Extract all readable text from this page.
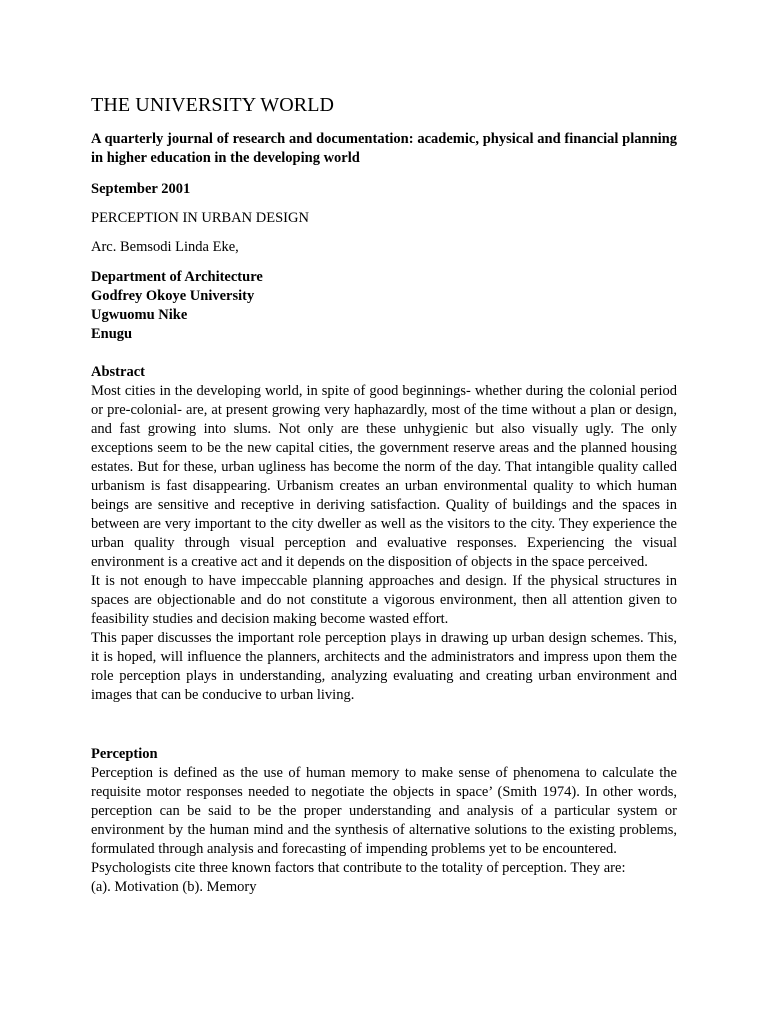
THE UNIVERSITY WORLD

A quarterly journal of research and documentation: academic, physical and financial planning in higher education in the developing world

September 2001

PERCEPTION IN URBAN DESIGN

Arc. Bemsodi Linda Eke,

Department of Architecture
Godfrey Okoye University
Ugwuomu Nike
Enugu
Abstract
Most cities in the developing world, in spite of good beginnings- whether during the colonial period or pre-colonial- are, at present growing very haphazardly, most of the time without a plan or design, and fast growing into slums. Not only are these unhygienic but also visually ugly. The only exceptions seem to be the new capital cities, the government reserve areas and the planned housing estates. But for these, urban ugliness has become the norm of the day. That intangible quality called urbanism is fast disappearing. Urbanism creates an urban environmental quality to which human beings are sensitive and receptive in deriving satisfaction. Quality of buildings and the spaces in between are very important to the city dweller as well as the visitors to the city. They experience the urban quality through visual perception and evaluative responses. Experiencing the visual environment is a creative act and it depends on the disposition of objects in the space perceived.
It is not enough to have impeccable planning approaches and design. If the physical structures in spaces are objectionable and do not constitute a vigorous environment, then all attention given to feasibility studies and decision making become wasted effort.
This paper discusses the important role perception plays in drawing up urban design schemes. This, it is hoped, will influence the planners, architects and the administrators and impress upon them the role perception plays in understanding, analyzing evaluating and creating urban environment and images that can be conducive to urban living.
Perception
Perception is defined as the use of human memory to make sense of phenomena to calculate the requisite motor responses needed to negotiate the objects in space’ (Smith 1974). In other words, perception can be said to be the proper understanding and analysis of a particular system or environment by the human mind and the synthesis of alternative solutions to the existing problems, formulated through analysis and forecasting of impending problems yet to be encountered.
Psychologists cite three known factors that contribute to the totality of perception. They are:
(a). Motivation (b). Memory
